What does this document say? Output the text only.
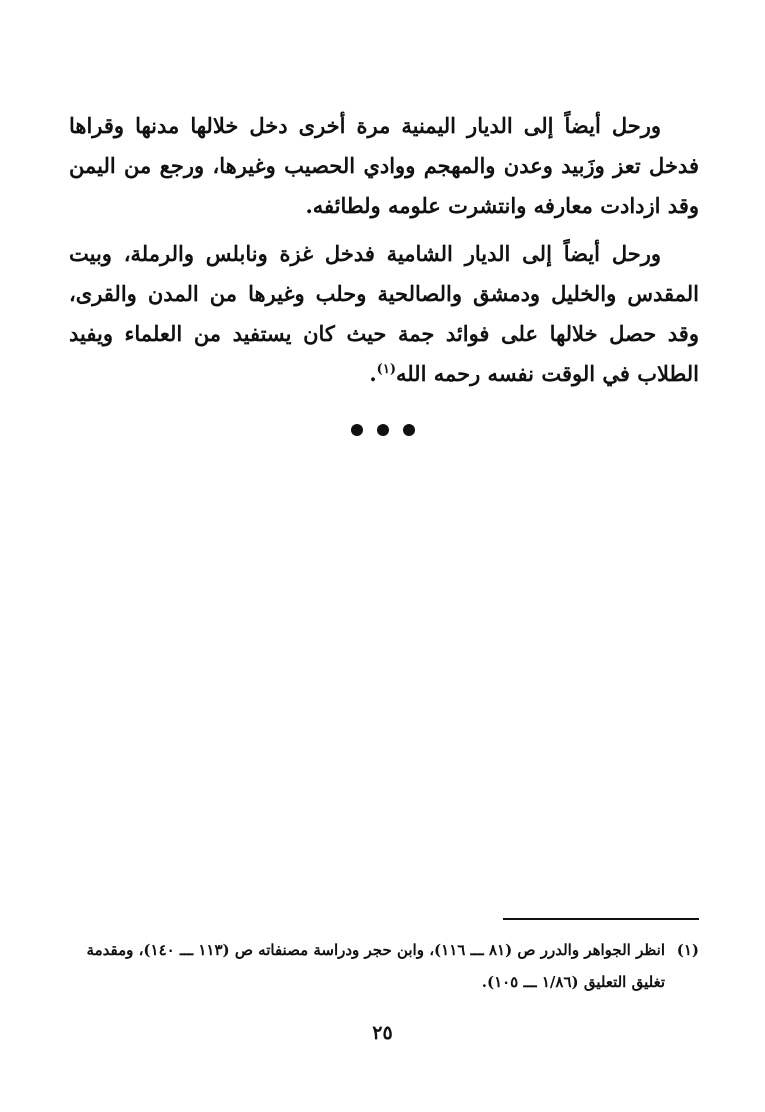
ورحل أيضاً إلى الديار اليمنية مرة أخرى دخل خلالها مدنها وقراها فدخل تعز وزَبيد وعدن والمهجم ووادي الحصيب وغيرها، ورجع من اليمن وقد ازدادت معارفه وانتشرت علومه ولطائفه.

ورحل أيضاً إلى الديار الشامية فدخل غزة ونابلس والرملة، وبيت المقدس والخليل ودمشق والصالحية وحلب وغيرها من المدن والقرى، وقد حصل خلالها على فوائد جمة حيث كان يستفيد من العلماء ويفيد الطلاب في الوقت نفسه رحمه الله$^{(١)}$.

(١)
انظر الجواهر والدرر ص (٨١ ـــ ١١٦)، وابن حجر ودراسة مصنفاته ص (١١٣ ـــ ١٤٠)، ومقدمة تغليق التعليق (١/٨٦ ـــ ١٠٥).

٢٥
